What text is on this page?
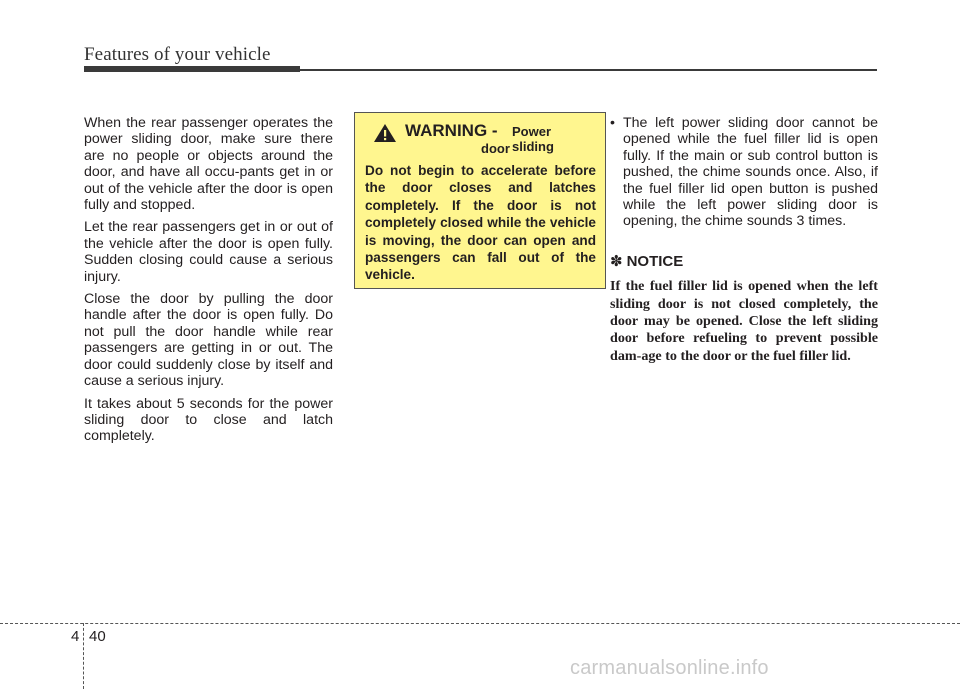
Features of your vehicle

When the rear passenger operates the power sliding door, make sure there are no people or objects around the door, and have all occu-pants get in or out of the vehicle after the door is open fully and stopped.

Let the rear passengers get in or out of the vehicle after the door is open fully. Sudden closing could cause a serious injury.

Close the door by pulling the door handle after the door is open fully. Do not pull the door handle while rear passengers are getting in or out. The door could suddenly close by itself and cause a serious injury.

It takes about 5 seconds for the power sliding door to close and latch completely.

WARNING - Power sliding
door
Do not begin to accelerate before the door closes and latches completely. If the door is not completely closed while the vehicle is moving, the door can open and passengers can fall out of the vehicle.
• The left power sliding door cannot be opened while the fuel filler lid is open fully. If the main or sub control button is pushed, the chime sounds once. Also, if the fuel filler lid open button is pushed while the left power sliding door is opening, the chime sounds 3 times.
✽ NOTICE
If the fuel filler lid is opened when the left sliding door is not closed completely, the door may be opened. Close the left sliding door before refueling to prevent possible dam-age to the door or the fuel filler lid.
4 40
carmanualsonline.info
